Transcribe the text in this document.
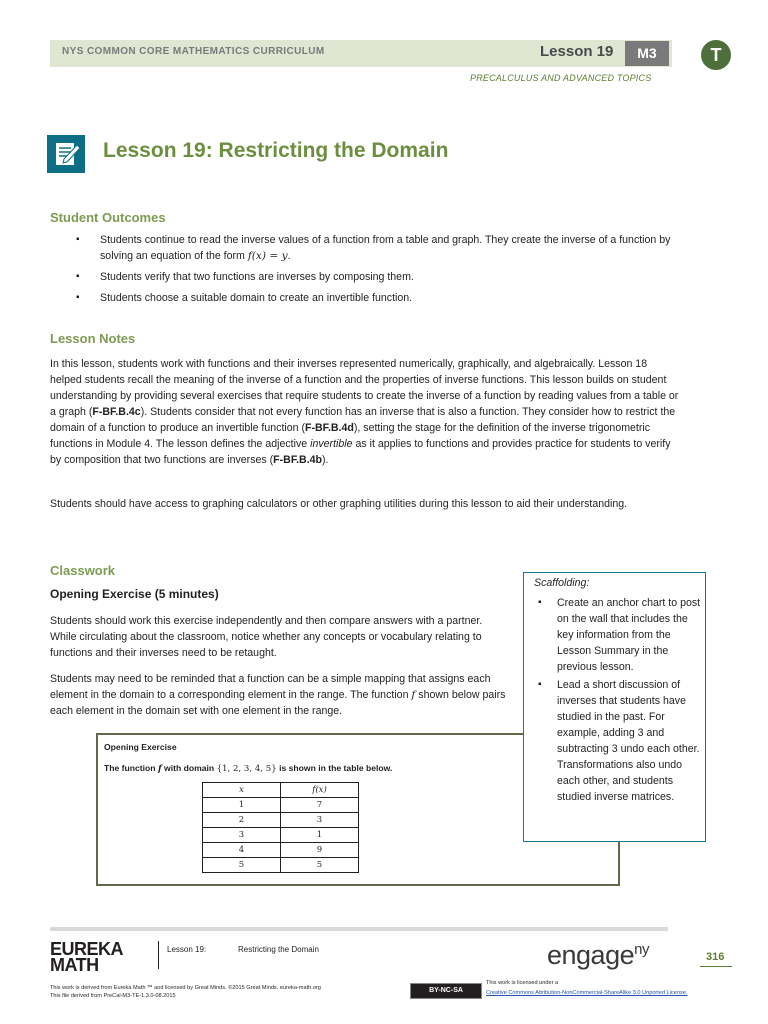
NYS COMMON CORE MATHEMATICS CURRICULUM	Lesson 19	M3	T
PRECALCULUS AND ADVANCED TOPICS
Lesson 19: Restricting the Domain
Student Outcomes
▪ Students continue to read the inverse values of a function from a table and graph. They create the inverse of a function by solving an equation of the form f(x) = y.
▪ Students verify that two functions are inverses by composing them.
▪ Students choose a suitable domain to create an invertible function.
Lesson Notes
In this lesson, students work with functions and their inverses represented numerically, graphically, and algebraically. Lesson 18 helped students recall the meaning of the inverse of a function and the properties of inverse functions. This lesson builds on student understanding by providing several exercises that require students to create the inverse of a function by reading values from a table or a graph (F-BF.B.4c). Students consider that not every function has an inverse that is also a function. They consider how to restrict the domain of a function to produce an invertible function (F-BF.B.4d), setting the stage for the definition of the inverse trigonometric functions in Module 4. The lesson defines the adjective invertible as it applies to functions and provides practice for students to verify by composition that two functions are inverses (F-BF.B.4b).
Students should have access to graphing calculators or other graphing utilities during this lesson to aid their understanding.
Classwork
Opening Exercise (5 minutes)
Students should work this exercise independently and then compare answers with a partner. While circulating about the classroom, notice whether any concepts or vocabulary relating to functions and their inverses need to be retaught.
Students may need to be reminded that a function can be a simple mapping that assigns each element in the domain to a corresponding element in the range. The function f shown below pairs each element in the domain set with one element in the range.
Opening Exercise
The function f with domain {1, 2, 3, 4, 5} is shown in the table below.
x	f(x)
1	7
2	3
3	1
4	9
5	5
Scaffolding:
▪ Create an anchor chart to post on the wall that includes the key information from the Lesson Summary in the previous lesson.
▪ Lead a short discussion of inverses that students have studied in the past. For example, adding 3 and subtracting 3 undo each other. Transformations also undo each other, and students studied inverse matrices.
EUREKA
MATH
Lesson 19:	Restricting the Domain	engage$^{ny}$	316
This work is derived from Eureka Math ™ and licensed by Great Minds. ©2015 Great Minds. eureka-math.org
This file derived from PreCal-M3-TE-1.3.0-08.2015
BY-NC-SA
This work is licensed under a
Creative Commons Attribution-NonCommercial-ShareAlike 3.0 Unported License.
